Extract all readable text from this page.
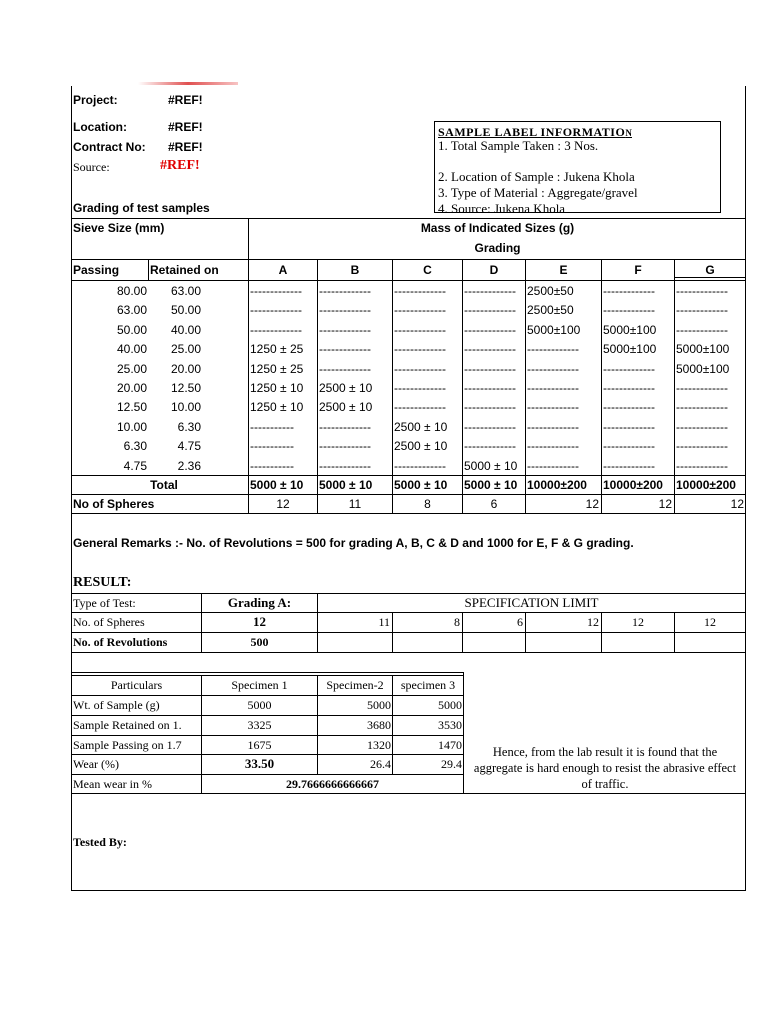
Project:	#REF!
Location:	#REF!
Contract No: #REF!
Source:	#REF!
Grading of test samples
SAMPLE LABEL INFORMATION
1. Total Sample Taken : 3 Nos.
2. Location of Sample : Jukena Khola
3. Type of Material : Aggregate/gravel
4. Source: Jukena Khola
Sieve Size (mm)	Mass of Indicated Sizes (g)
Grading
Passing	Retained on	A	B	C	D	E	F	G
80.00	63.00	-------------	-------------	-------------	------------- 2500±50	-------------	-------------
63.00	50.00	-------------	-------------	-------------	------------- 2500±50	-------------	-------------
50.00	40.00	-------------	-------------	-------------	------------- 5000±100	5000±100	-------------
40.00	25.00	1250 ± 25	-------------	-------------	------------- -------------	5000±100	5000±100
25.00	20.00	1250 ± 25	-------------	-------------	------------- -------------	-------------	5000±100
20.00	12.50	1250 ± 10	2500 ± 10	-------------	------------- -------------	-------------	-------------
12.50	10.00	1250 ± 10	2500 ± 10	-------------	------------- -------------	-------------	-------------
10.00	6.30	-----------	-------------	2500 ± 10	------------- -------------	-------------	-------------
6.30	4.75	-----------	-------------	2500 ± 10	------------- -------------	-------------	-------------
4.75	2.36	-----------	-------------	-------------	5000 ± 10 -------------	-------------	-------------
Total	5000 ± 10	5000 ± 10	5000 ± 10	5000 ± 10 10000±200	10000±200	10000±200
No of Spheres	12	11	8	6	12	12	12
General Remarks :- No. of Revolutions = 500 for grading A, B, C & D and 1000 for E, F & G grading.
RESULT:
Type of Test:	Grading A:	SPECIFICATION LIMIT
No. of Spheres	12	11	8	6	12	12	12
No. of Revolutions	500
Particulars	Specimen 1	Specimen-2	specimen 3
Wt. of Sample (g)	5000	5000	5000
Sample Retained on 1.	3325	3680	3530
Sample Passing on 1.7	1675	1320	1470
Wear (%)	33.50	26.4	29.4
Mean wear in %	29.7666666666667
Hence, from the lab result it is found that the aggregate is hard enough to resist the abrasive effect of traffic.
Tested By:
